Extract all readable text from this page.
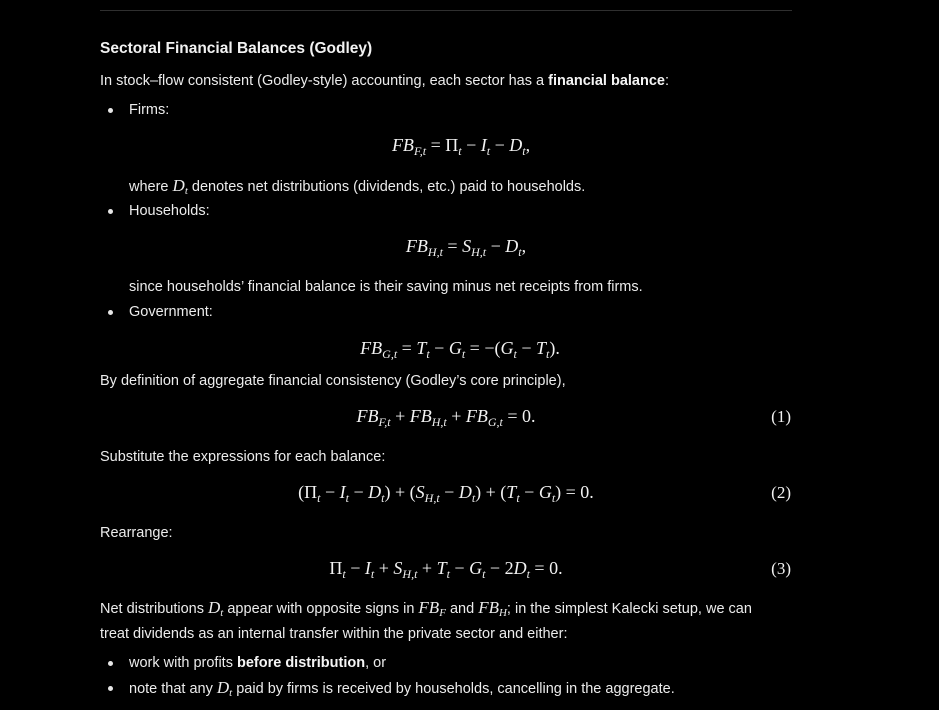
Sectoral Financial Balances (Godley)
In stock–flow consistent (Godley-style) accounting, each sector has a financial balance:
Firms:
$FB_{F,t} = \Pi_t - I_t - D_t$,
where $D_t$ denotes net distributions (dividends, etc.) paid to households.
Households:
$FB_{H,t} = S_{H,t} - D_t$,
since households’ financial balance is their saving minus net receipts from firms.
Government:
$FB_{G,t} = T_t - G_t = -(G_t - T_t)$.
By definition of aggregate financial consistency (Godley’s core principle),
$FB_{F,t} + FB_{H,t} + FB_{G,t} = 0$.	(1)
Substitute the expressions for each balance:
$(\Pi_t - I_t - D_t) + (S_{H,t} - D_t) + (T_t - G_t) = 0$.	(2)
Rearrange:
$\Pi_t - I_t + S_{H,t} + T_t - G_t - 2D_t = 0$.	(3)
Net distributions $D_t$ appear with opposite signs in $FB_F$ and $FB_H$; in the simplest Kalecki setup, we can
treat dividends as an internal transfer within the private sector and either:
work with profits before distribution, or
note that any $D_t$ paid by firms is received by households, cancelling in the aggregate.
